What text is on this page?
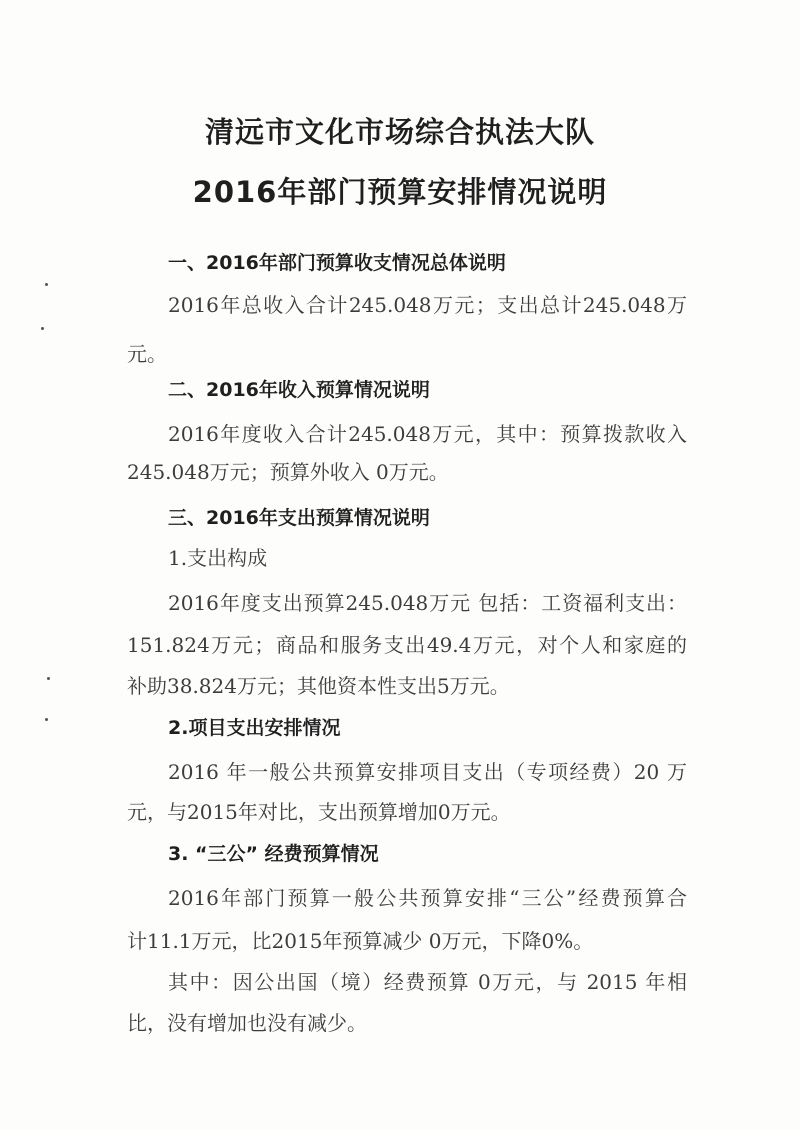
清远市文化市场综合执法大队
2016年部门预算安排情况说明
一、2016年部门预算收支情况总体说明
2016年总收入合计245.048万元；支出总计245.048万
元。
二、2016年收入预算情况说明
2016年度收入合计245.048万元，其中：预算拨款收入
245.048万元；预算外收入 0万元。
三、2016年支出预算情况说明
1.支出构成
2016年度支出预算245.048万元 包括：工资福利支出：
151.824万元；商品和服务支出49.4万元，对个人和家庭的
补助38.824万元；其他资本性支出5万元。
2.项目支出安排情况
2016 年一般公共预算安排项目支出（专项经费）20 万
元，与2015年对比，支出预算增加0万元。
3. “三公” 经费预算情况
2016年部门预算一般公共预算安排“三公”经费预算合
计11.1万元，比2015年预算减少 0万元，下降0%。
其中：因公出国（境）经费预算 0万元，与 2015 年相
比，没有增加也没有减少。
